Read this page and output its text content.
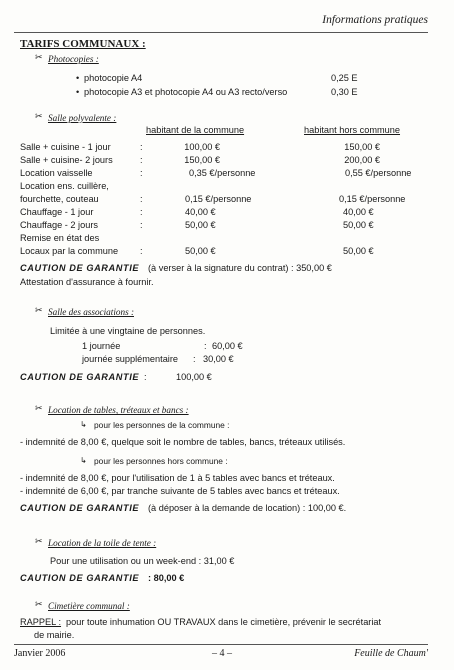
Informations pratiques
TARIFS COMMUNAUX :
✂ Photocopies :
• photocopie A4	0,25 E
• photocopie A3 et photocopie A4 ou A3 recto/verso	0,30 E
✂ Salle polyvalente :
habitant de la commune	habitant hors commune
Salle + cuisine - 1 jour	:	100,00 €	150,00 €
Salle + cuisine- 2 jours	:	150,00 €	200,00 €
Location vaisselle	:	0,35 €/personne	0,55 €/personne
Location ens. cuillère,
fourchette, couteau	:	0,15 €/personne	0,15 €/personne
Chauffage - 1 jour	:	40,00 €	40,00 €
Chauffage - 2 jours	:	50,00 €	50,00 €
Remise en état des
Locaux par la commune :	50,00 €	50,00 €
CAUTION DE GARANTIE (à verser à la signature du contrat) : 350,00 €
Attestation d'assurance à fournir.
✂ Salle des associations :
Limitée à une vingtaine de personnes.
1 journée	: 60,00 €
journée supplémentaire : 30,00 €
CAUTION DE GARANTIE :	100,00 €
✂ Location de tables, tréteaux et bancs :
↳ pour les personnes de la commune :
- indemnité de 8,00 €, quelque soit le nombre de tables, bancs, tréteaux utilisés.
↳ pour les personnes hors commune :
- indemnité de 8,00 €, pour l'utilisation de 1 à 5 tables avec bancs et tréteaux.
- indemnité de 6,00 €, par tranche suivante de 5 tables avec bancs et tréteaux.
CAUTION DE GARANTIE (à déposer à la demande de location) : 100,00 €.
✂ Location de la toile de tente :
Pour une utilisation ou un week-end : 31,00 €
CAUTION DE GARANTIE : 80,00 €
✂ Cimetière communal :
RAPPEL : pour toute inhumation OU TRAVAUX dans le cimetière, prévenir le secrétariat
de mairie.
Janvier 2006	– 4 –	Feuille de Chaum'
